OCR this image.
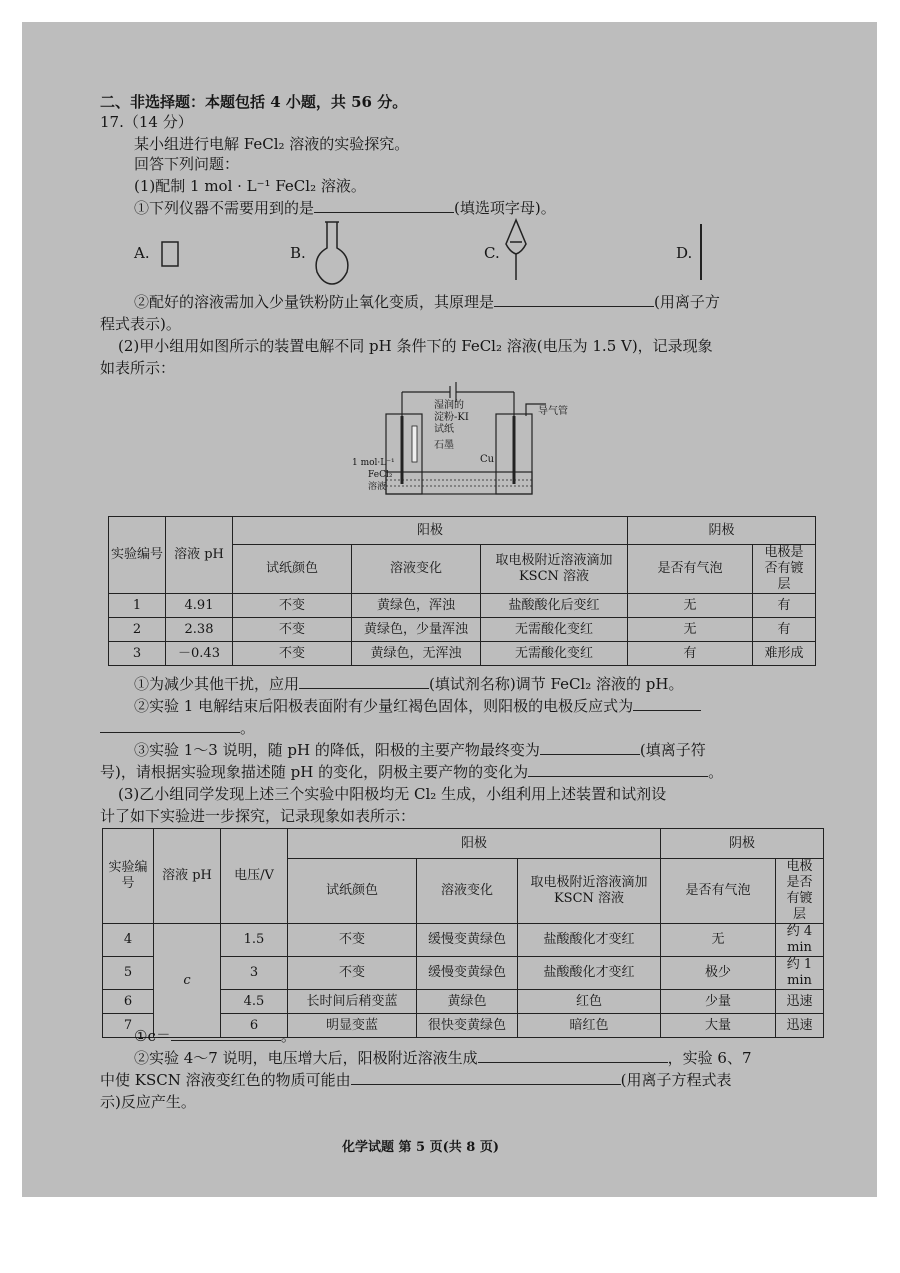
二、非选择题：本题包括 4 小题，共 56 分。
17.（14 分）
某小组进行电解 FeCl₂ 溶液的实验探究。
回答下列问题：
(1)配制 1 mol · L⁻¹ FeCl₂ 溶液。
①下列仪器不需要用到的是	(填选项字母)。
A.	B.	C.	D.
②配好的溶液需加入少量铁粉防止氧化变质，其原理是	(用离子方
程式表示)。
(2)甲小组用如图所示的装置电解不同 pH 条件下的 FeCl₂ 溶液(电压为 1.5 V)，记录现象
如表所示：
湿润的
淀粉-KI
试纸
石墨
Cu
导气管
1 mol·L⁻¹
FeCl₂
溶液
实验编号	溶液 pH	阳极			阴极	
		试纸颜色	溶液变化	取电极附近溶液滴加 KSCN 溶液	是否有气泡	电极是否有镀层
1	4.91	不变	黄绿色，浑浊	盐酸酸化后变红	无	有
2	2.38	不变	黄绿色，少量浑浊	无需酸化变红	无	有
3	－0.43	不变	黄绿色，无浑浊	无需酸化变红	有	难形成
①为减少其他干扰，应用	(填试剂名称)调节 FeCl₂ 溶液的 pH。
②实验 1 电解结束后阳极表面附有少量红褐色固体，则阳极的电极反应式为
。
③实验 1～3 说明，随 pH 的降低，阳极的主要产物最终变为	(填离子符
号)，请根据实验现象描述随 pH 的变化，阴极主要产物的变化为	。
(3)乙小组同学发现上述三个实验中阳极均无 Cl₂ 生成，小组利用上述装置和试剂设
计了如下实验进一步探究，记录现象如表所示：
实验编号	溶液 pH	电压/V	阳极			阴极	
			试纸颜色	溶液变化	取电极附近溶液滴加 KSCN 溶液	是否有气泡	电极是否有镀层
4	c	1.5	不变	缓慢变黄绿色	盐酸酸化才变红	无	约 4 min
5		3	不变	缓慢变黄绿色	盐酸酸化才变红	极少	约 1 min
6		4.5	长时间后稍变蓝	黄绿色	红色	少量	迅速
7		6	明显变蓝	很快变黄绿色	暗红色	大量	迅速
①c＝	。
②实验 4～7 说明，电压增大后，阳极附近溶液生成	，实验 6、7
中使 KSCN 溶液变红色的物质可能由	(用离子方程式表
示)反应产生。
化学试题 第 5 页(共 8 页)
